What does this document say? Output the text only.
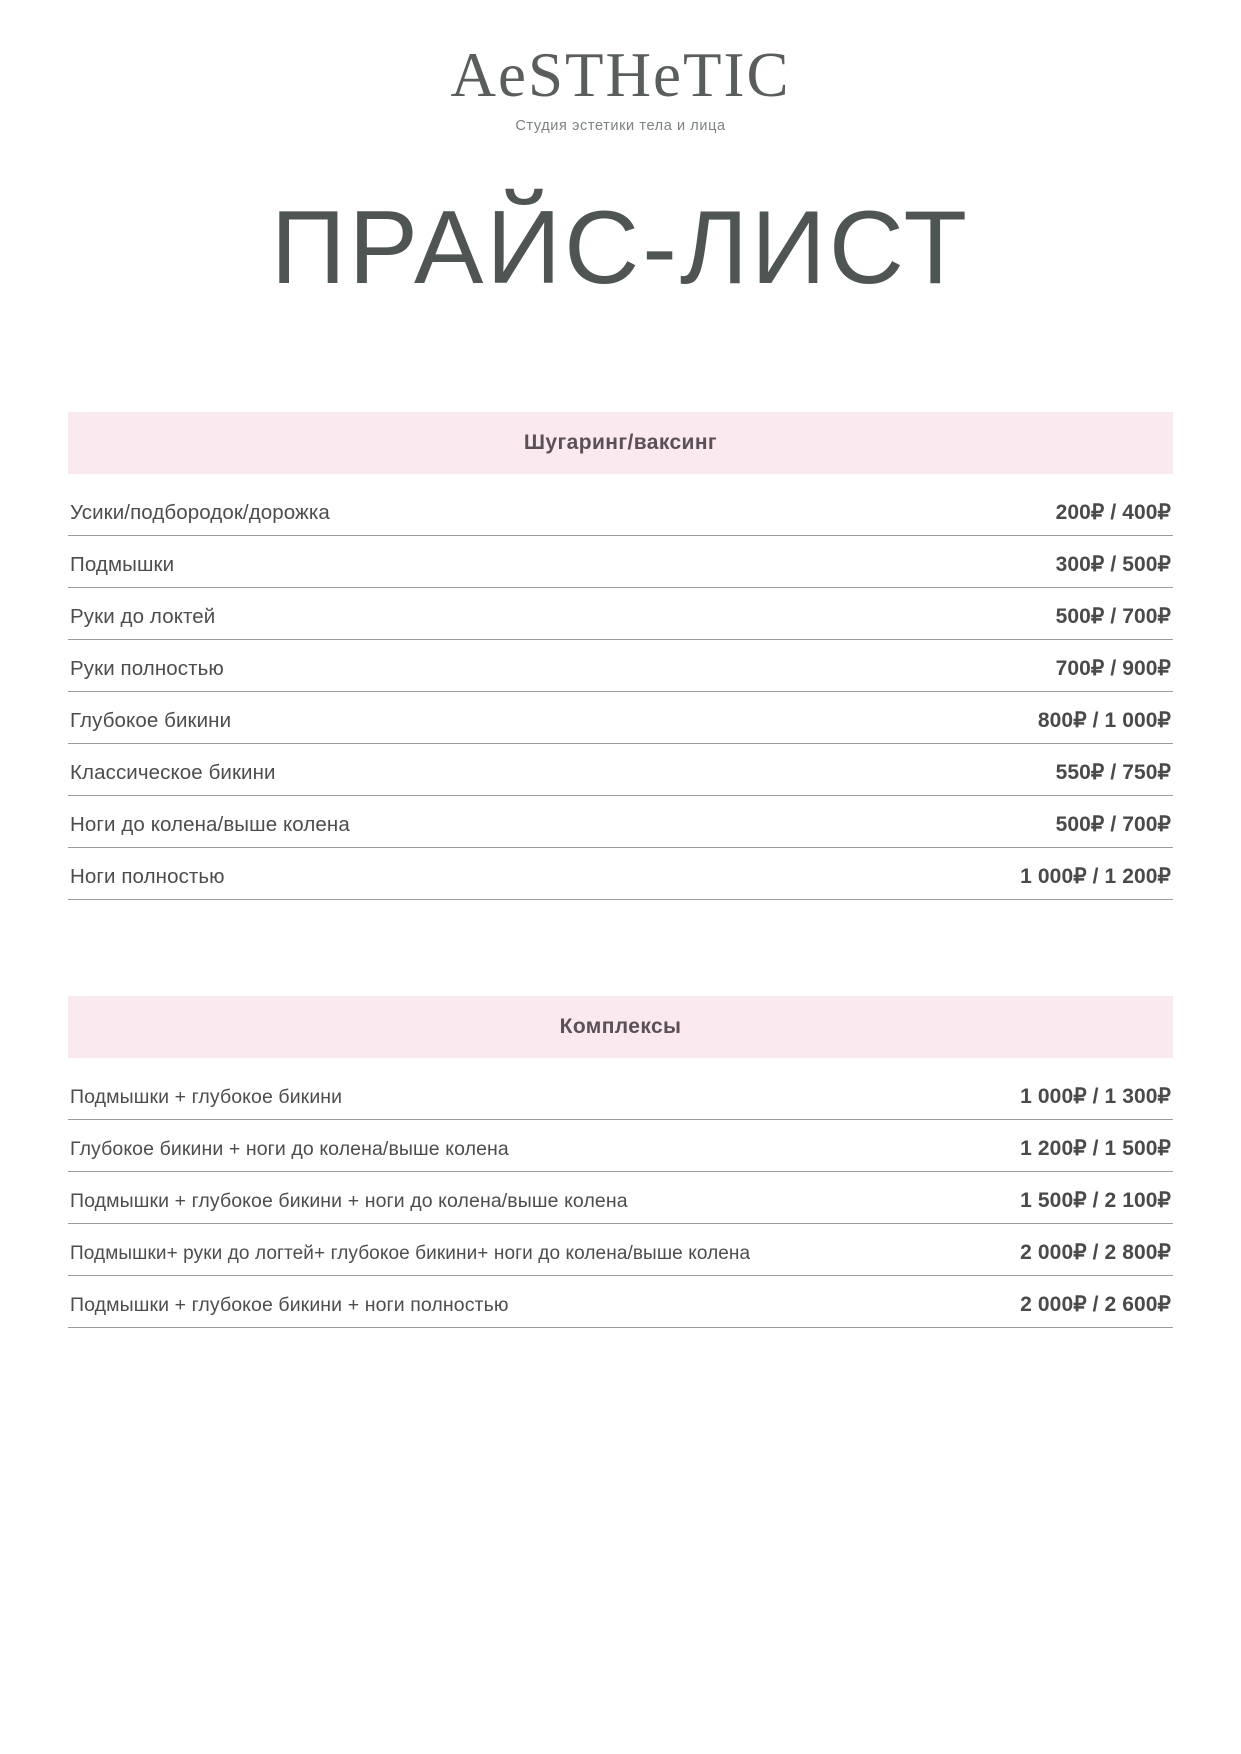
AeSTHeTIC
Студия эстетики тела и лица
ПРАЙС-ЛИСТ
Шугаринг/ваксинг
Усики/подбородок/дорожка	200₽ / 400₽
Подмышки	300₽ / 500₽
Руки до локтей	500₽ / 700₽
Руки полностью	700₽ / 900₽
Глубокое бикини	800₽ / 1 000₽
Классическое бикини	550₽ / 750₽
Ноги до колена/выше колена	500₽ / 700₽
Ноги полностью	1 000₽ / 1 200₽
Комплексы
Подмышки + глубокое бикини	1 000₽ / 1 300₽
Глубокое бикини + ноги до колена/выше колена	1 200₽ / 1 500₽
Подмышки + глубокое бикини + ноги до колена/выше колена	1 500₽ / 2 100₽
Подмышки+ руки до логтей+ глубокое бикини+ ноги до колена/выше колена	2 000₽ / 2 800₽
Подмышки + глубокое бикини + ноги полностью	2 000₽ / 2 600₽
